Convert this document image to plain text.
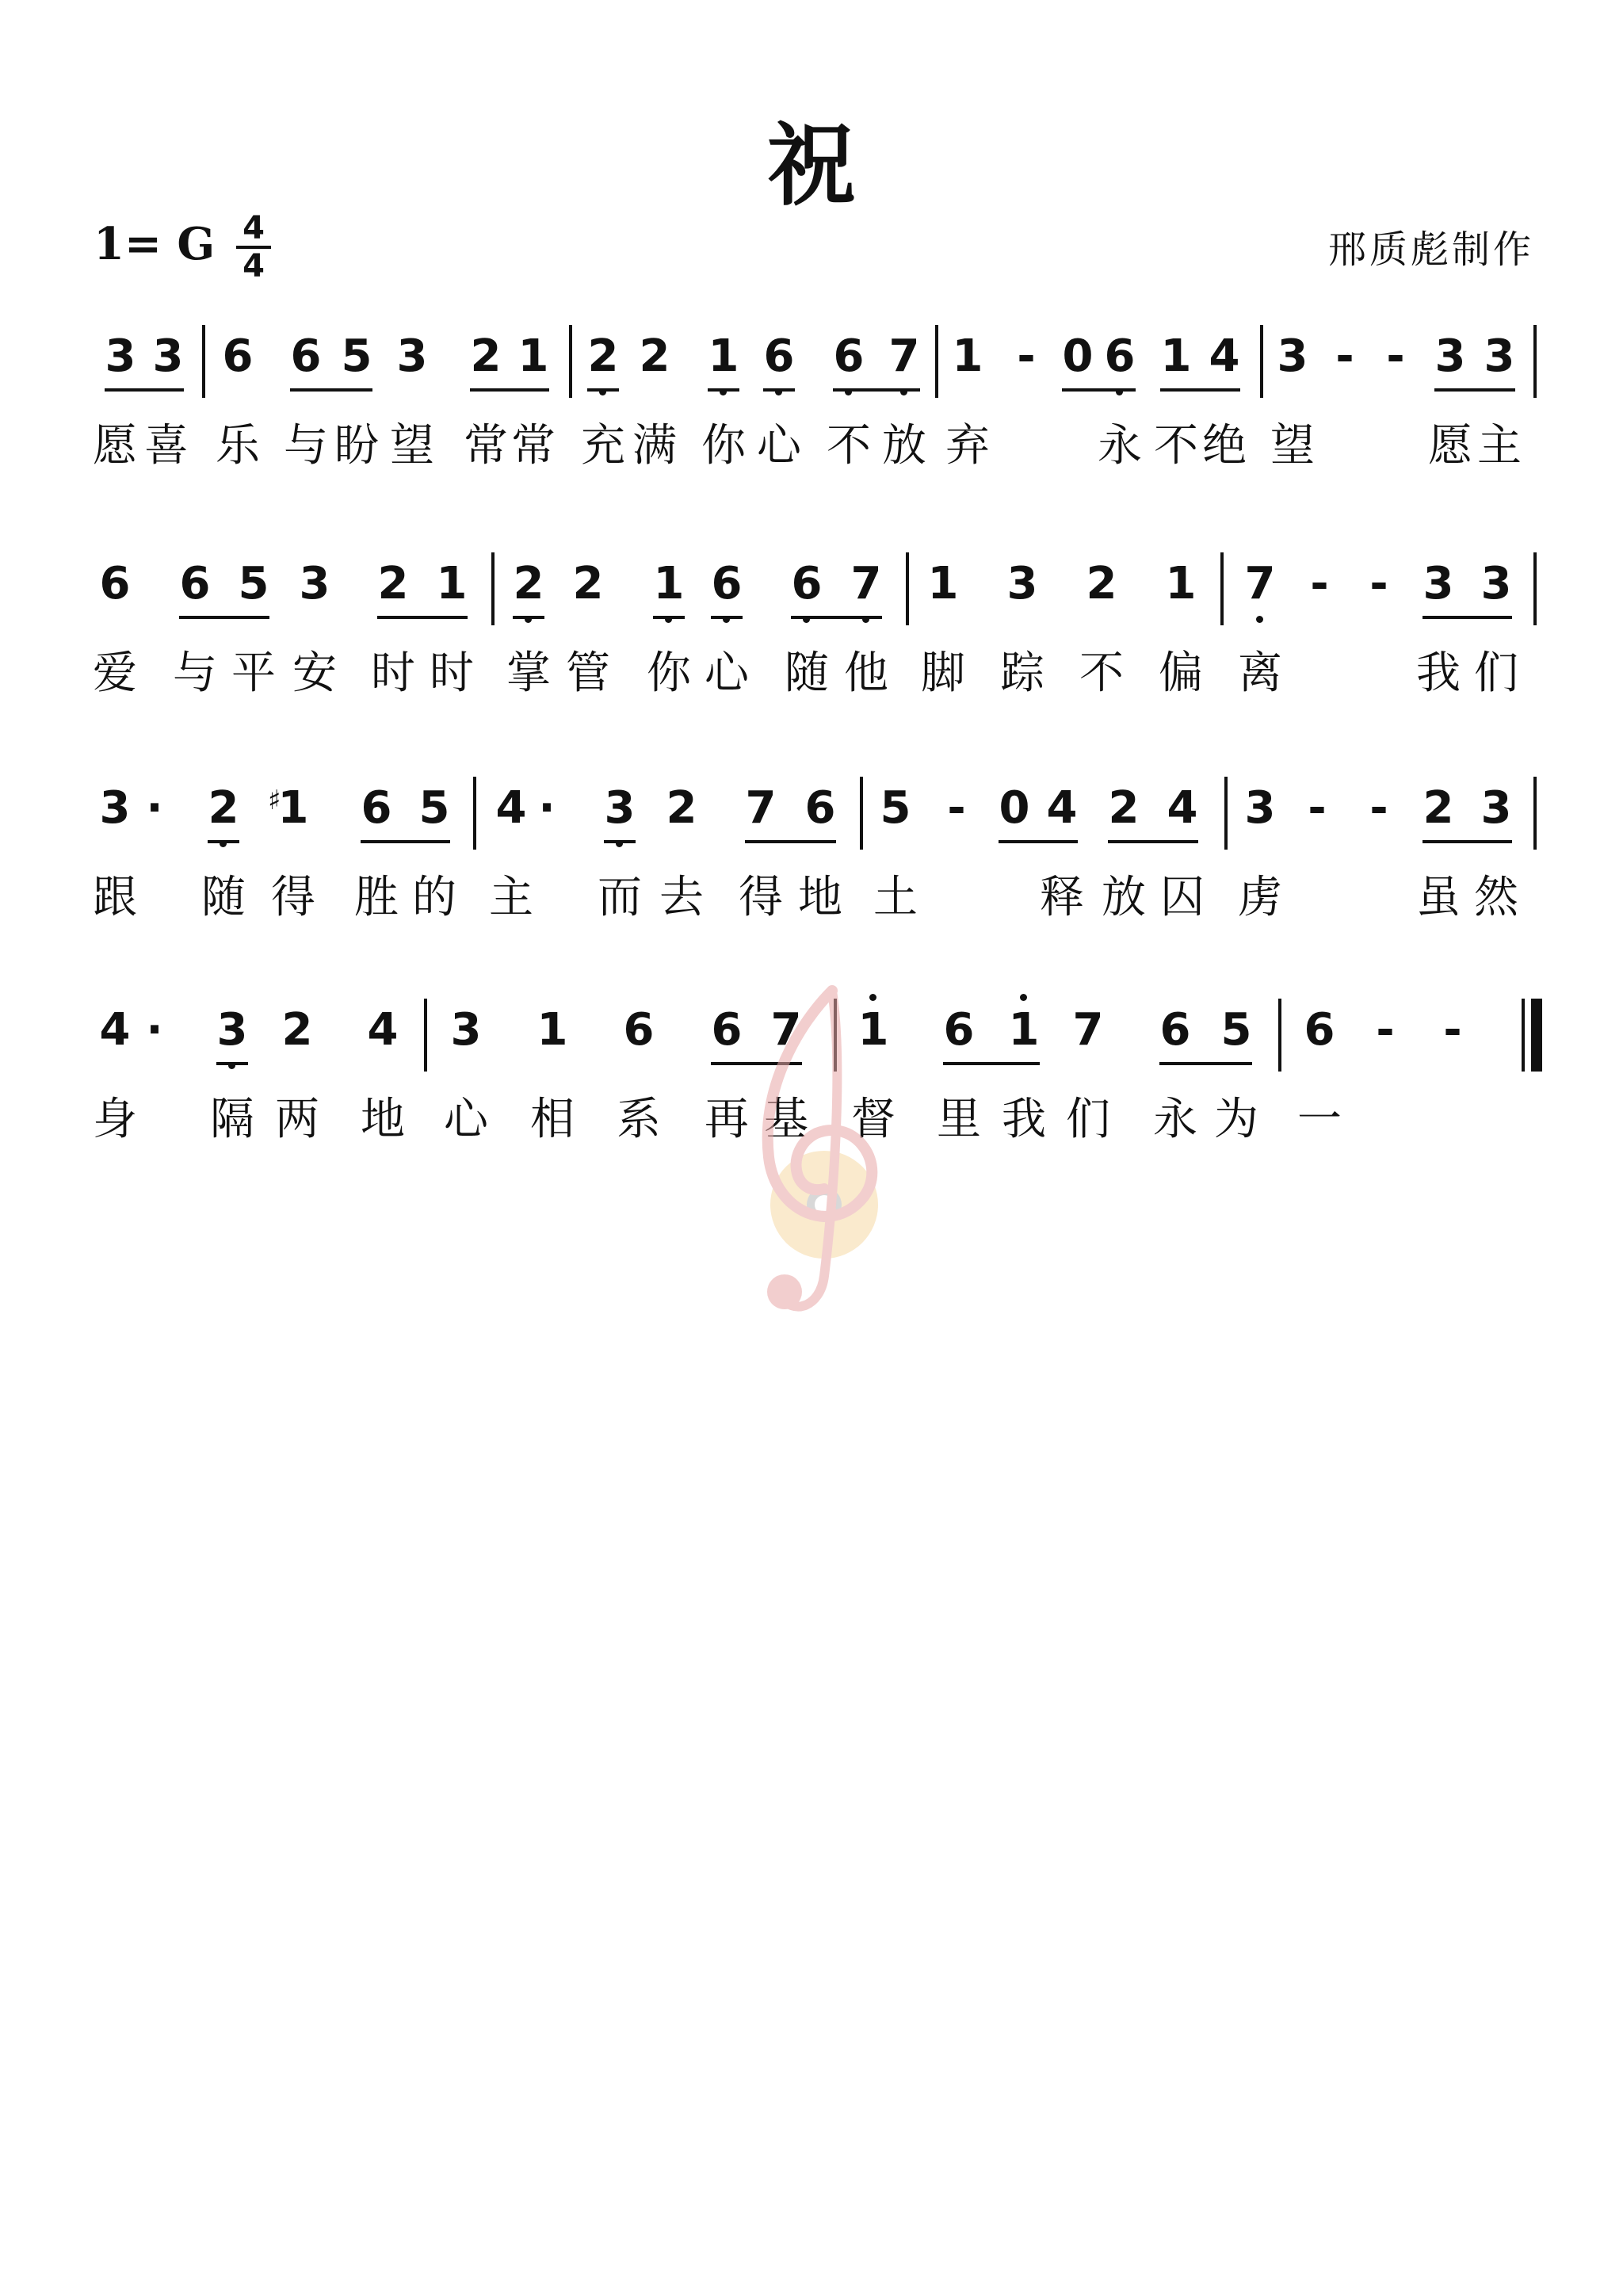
祝
1= G 4
4	邢质彪制作
3 3 6 6 5 3 2 1 2 2 1 6 6 7 1 - 0 6 1 4 3 - - 3 3
愿 喜 乐 与 盼 望 常 常 充 满 你 心 不 放 弃 永 不 绝 望	愿 主
6 6 5 3 2 1 2 2 1 6 6 7 1 3 2 1 7 - - 3 3
爱 与 平 安 时 时 掌 管 你 心 随 他 脚 踪 不 偏 离	我 们
3 · 2 1
♯ 6 5 4 · 3 2 7 6 5 - 0 4 2 4 3 - - 2 3
跟 随 得 胜 的 主 而 去 得 地 土	释 放 囚 虏	虽 然
4 · 3 2 4 3 1 6 6 7 1 6 1 7 6 5 6 - -
身 隔 两 地 心 相 系 再 基 督 里 我 们 永 为 一
